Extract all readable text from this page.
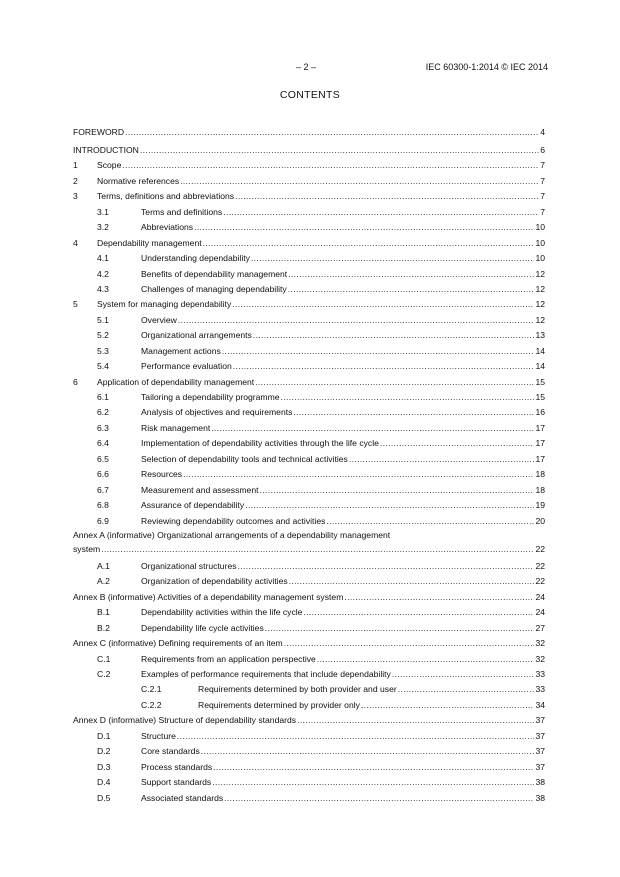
– 2 –	IEC 60300-1:2014 © IEC 2014
CONTENTS
FOREWORD .....	4
INTRODUCTION .....	6
1	Scope .....	7
2	Normative references .....	7
3	Terms, definitions and abbreviations .....	7
3.1	Terms and definitions .....	7
3.2	Abbreviations .....	10
4	Dependability management .....	10
4.1	Understanding dependability .....	10
4.2	Benefits of dependability management .....	12
4.3	Challenges of managing dependability .....	12
5	System for managing dependability .....	12
5.1	Overview .....	12
5.2	Organizational arrangements .....	13
5.3	Management actions .....	14
5.4	Performance evaluation .....	14
6	Application of dependability management .....	15
6.1	Tailoring a dependability programme .....	15
6.2	Analysis of objectives and requirements .....	16
6.3	Risk management .....	17
6.4	Implementation of dependability activities through the life cycle .....	17
6.5	Selection of dependability tools and technical activities .....	17
6.6	Resources .....	18
6.7	Measurement and assessment .....	18
6.8	Assurance of dependability .....	19
6.9	Reviewing dependability outcomes and activities .....	20
Annex A (informative) Organizational arrangements of a dependability management
system .....	22
A.1	Organizational structures .....	22
A.2	Organization of dependability activities .....	22
Annex B (informative) Activities of a dependability management system .....	24
B.1	Dependability activities within the life cycle .....	24
B.2	Dependability life cycle activities .....	27
Annex C (informative) Defining requirements of an item .....	32
C.1	Requirements from an application perspective .....	32
C.2	Examples of performance requirements that include dependability .....	33
C.2.1	Requirements determined by both provider and user .....	33
C.2.2	Requirements determined by provider only .....	34
Annex D (informative) Structure of dependability standards .....	37
D.1	Structure .....	37
D.2	Core standards .....	37
D.3	Process standards .....	37
D.4	Support standards .....	38
D.5	Associated standards .....	38
